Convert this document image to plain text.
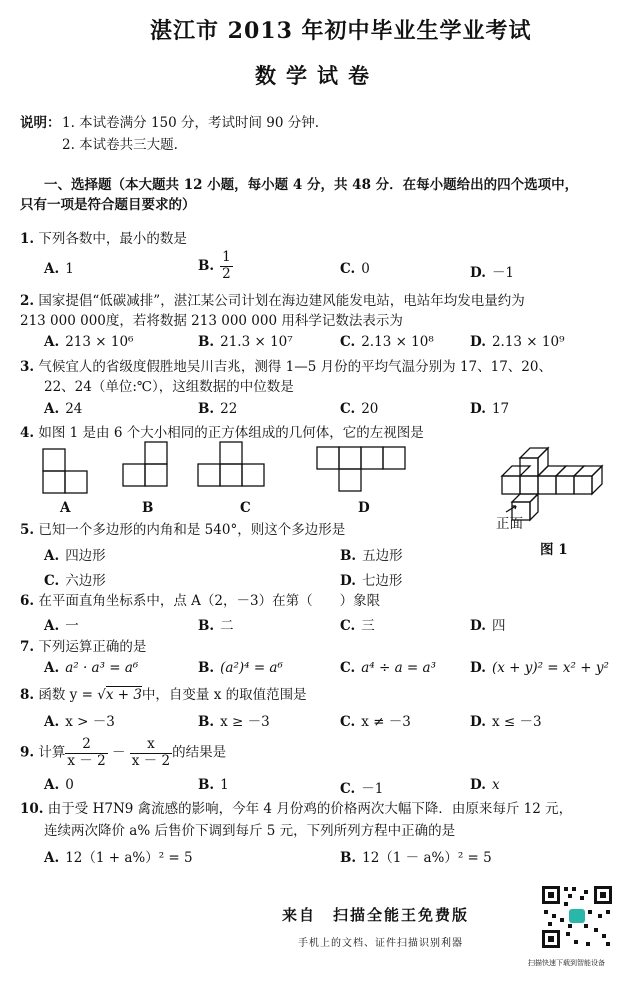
湛江市 2013 年初中毕业生学业考试
数学试卷
说明： 1. 本试卷满分 150 分，考试时间 90 分钟.
2. 本试卷共三大题.
一、选择题（本大题共 12 小题，每小题 4 分，共 48 分．在每小题给出的四个选项中，
只有一项是符合题目要求的）
1. 下列各数中，最小的数是
A. 1	B. $\frac{1}{2}$	C. 0	D. －1
2. 国家提倡“低碳减排”，湛江某公司计划在海边建风能发电站，电站年均发电量约为
213 000 000度，若将数据 213 000 000 用科学记数法表示为
A. 213 × 10⁶	B. 21.3 × 10⁷	C. 2.13 × 10⁸	D. 2.13 × 10⁹
3. 气候宜人的省级度假胜地吴川吉兆，测得 1—5 月份的平均气温分别为 17、17、20、
22、24（单位:℃），这组数据的中位数是
A. 24	B. 22	C. 20	D. 17
4. 如图 1 是由 6 个大小相同的正方体组成的几何体，它的左视图是
A	B	C	D
正面
图 1
5. 已知一个多边形的内角和是 540°，则这个多边形是
A. 四边形	B. 五边形
C. 六边形	D. 七边形
6. 在平面直角坐标系中，点 A（2，－3）在第（　　）象限
A. 一	B. 二	C. 三	D. 四
7. 下列运算正确的是
A. a² · a³ = a⁶	B. (a²)⁴ = a⁶	C. a⁴ ÷ a = a³	D. (x + y)² = x² + y²
8. 函数 y = √x + 3中，自变量 x 的取值范围是
A. x > －3	B. x ≥ －3	C. x ≠ －3	D. x ≤ －3
9. 计算 $\frac{2}{x - 2} - \frac{x}{x - 2}$ 的结果是
A. 0	B. 1	C. －1	D. x
10. 由于受 H7N9 禽流感的影响，今年 4 月份鸡的价格两次大幅下降．由原来每斤 12 元，
连续两次降价 a% 后售价下调到每斤 5 元，下列所列方程中正确的是
A. 12（1 + a%）² = 5	B. 12（1 － a%）² = 5
来自　扫描全能王免费版
手机上的文档、证件扫描识别利器
扫描快速下载到智能设备
